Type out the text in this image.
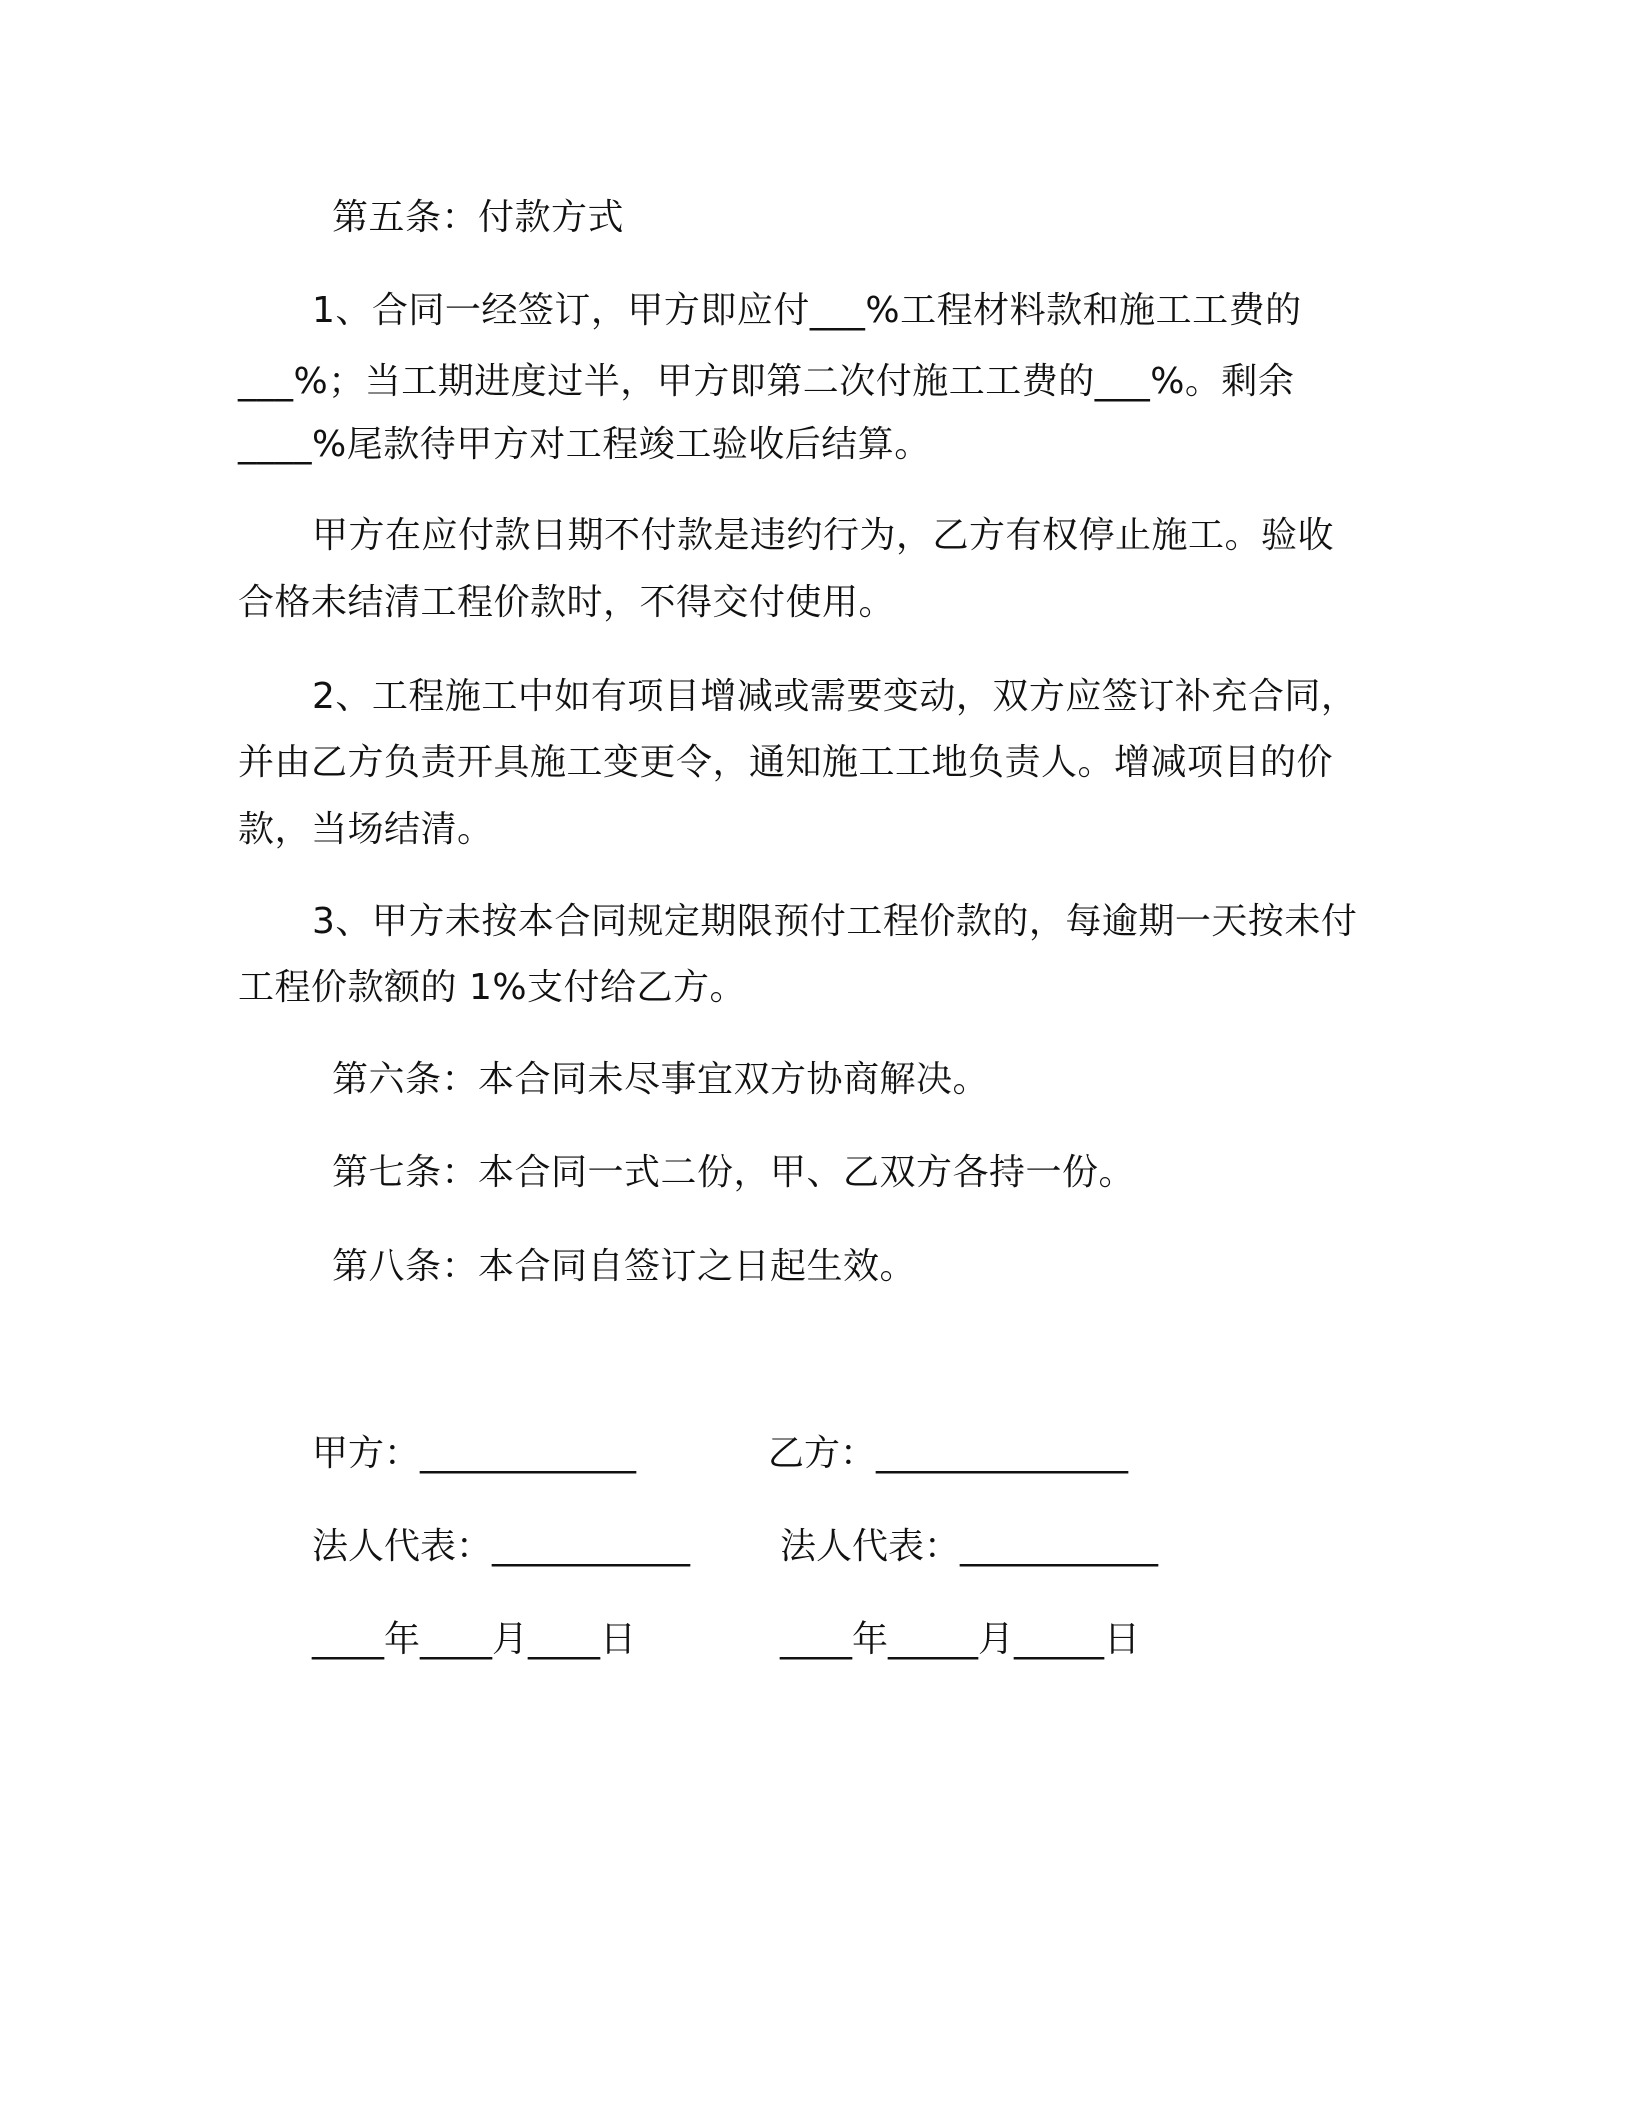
第五条：付款方式
1、合同一经签订，甲方即应付___%工程材料款和施工工费的
___%；当工期进度过半，甲方即第二次付施工工费的___%。剩余
____%尾款待甲方对工程竣工验收后结算。
甲方在应付款日期不付款是违约行为，乙方有权停止施工。验收
合格未结清工程价款时，不得交付使用。
2、工程施工中如有项目增减或需要变动，双方应签订补充合同，
并由乙方负责开具施工变更令，通知施工工地负责人。增减项目的价
款，当场结清。
3、甲方未按本合同规定期限预付工程价款的，每逾期一天按未付
工程价款额的 1%支付给乙方。
第六条：本合同未尽事宜双方协商解决。
第七条：本合同一式二份，甲、乙双方各持一份。
第八条：本合同自签订之日起生效。
甲方：____________	乙方：______________
法人代表：___________ 法人代表：___________
____年____月____日	____年_____月_____日
